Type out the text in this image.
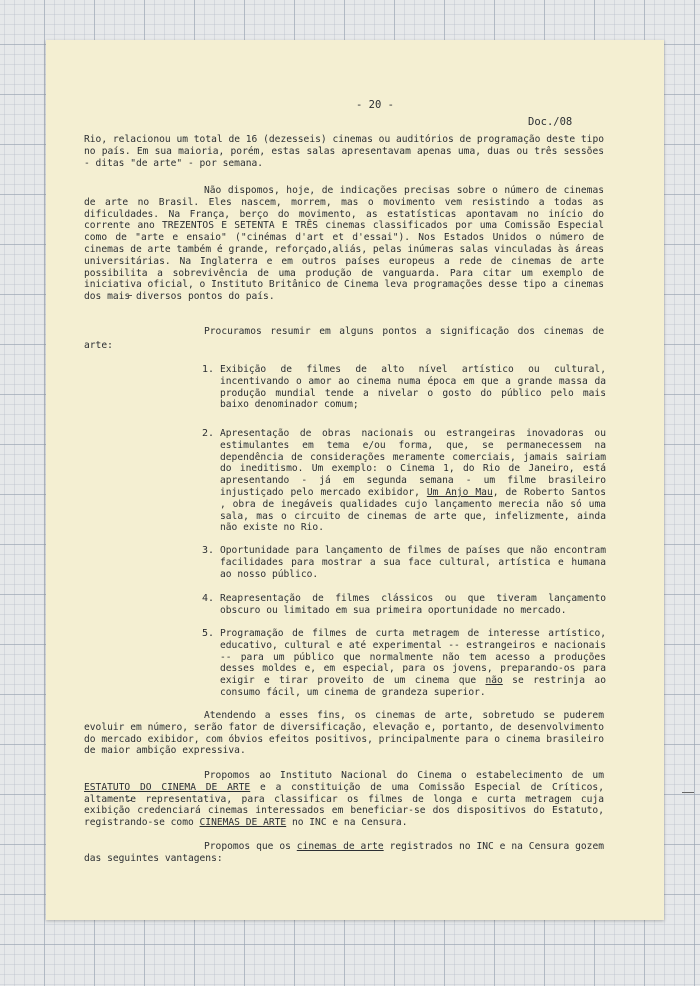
- 20 -
Doc./08

Rio, relacionou um total de 16 (dezesseis) cinemas ou auditórios de programação deste tipo no país. Em sua maioria, porém, estas salas apresentavam apenas uma, duas ou três sessões - ditas "de arte" - por semana.

Não dispomos, hoje, de indicações precisas sobre o número de cinemas de arte no Brasil. Eles nascem, morrem, mas o movimento vem resistindo a todas as dificuldades. Na França, berço do movimento, as estatísticas apontavam no início do corrente ano TREZENTOS E SETENTA E TRÊS cinemas classificados por uma Comissão Especial como de "arte e ensaio" ("cinémas d'art et d'essai"). Nos Estados Unidos o número de cinemas de arte também é grande, reforçado,aliás, pelas inúmeras salas vinculadas às áreas universitárias. Na Inglaterra e em outros países europeus a rede de cinemas de arte possibilita a sobrevivência de uma produção de vanguarda. Para citar um exemplo de iniciativa oficial, o Instituto Britânico de Cinema leva programações desse tipo a cinemas dos mais diversos pontos do país.

Procuramos resumir em alguns pontos a significação dos cinemas de arte:

1. Exibição de filmes de alto nível artístico ou cultural, incentivando o amor ao cinema numa época em que a grande massa da produção mundial tende a nivelar o gosto do público pelo mais baixo denominador comum;

2. Apresentação de obras nacionais ou estrangeiras inovadoras ou estimulantes em tema e/ou forma, que, se permanecessem na dependência de considerações meramente comerciais, jamais sairiam do ineditismo. Um exemplo: o Cinema 1, do Rio de Janeiro, está apresentando - já em segunda semana - um filme brasileiro injustiçado pelo mercado exibidor, Um Anjo Mau, de Roberto Santos , obra de inegáveis qualidades cujo lançamento merecia não só uma sala, mas o circuito de cinemas de arte que, infelizmente, ainda não existe no Rio.

3. Oportunidade para lançamento de filmes de países que não encontram facilidades para mostrar a sua face cultural, artística e humana ao nosso público.

4. Reapresentação de filmes clássicos ou que tiveram lançamento obscuro ou limitado em sua primeira oportunidade no mercado.

5. Programação de filmes de curta metragem de interesse artístico, educativo, cultural e até experimental -- estrangeiros e nacionais -- para um público que normalmente não tem acesso a produções desses moldes e, em especial, para os jovens, preparando-os para exigir e tirar proveito de um cinema que não se restrinja ao consumo fácil, um cinema de grandeza superior.

Atendendo a esses fins, os cinemas de arte, sobretudo se puderem evoluir em número, serão fator de diversificação, elevação e, portanto, de desenvolvimento do mercado exibidor, com óbvios efeitos positivos, principalmente para o cinema brasileiro de maior ambição expressiva.

Propomos ao Instituto Nacional do Cinema o estabelecimento de um ESTATUTO DO CINEMA DE ARTE e a constituição de uma Comissão Especial de Críticos, altamente representativa, para classificar os filmes de longa e curta metragem cuja exibição credenciará cinemas interessados em beneficiar-se dos dispositivos do Estatuto, registrando-se como CINEMAS DE ARTE no INC e na Censura.

Propomos que os cinemas de arte registrados no INC e na Censura gozem das seguintes vantagens:
